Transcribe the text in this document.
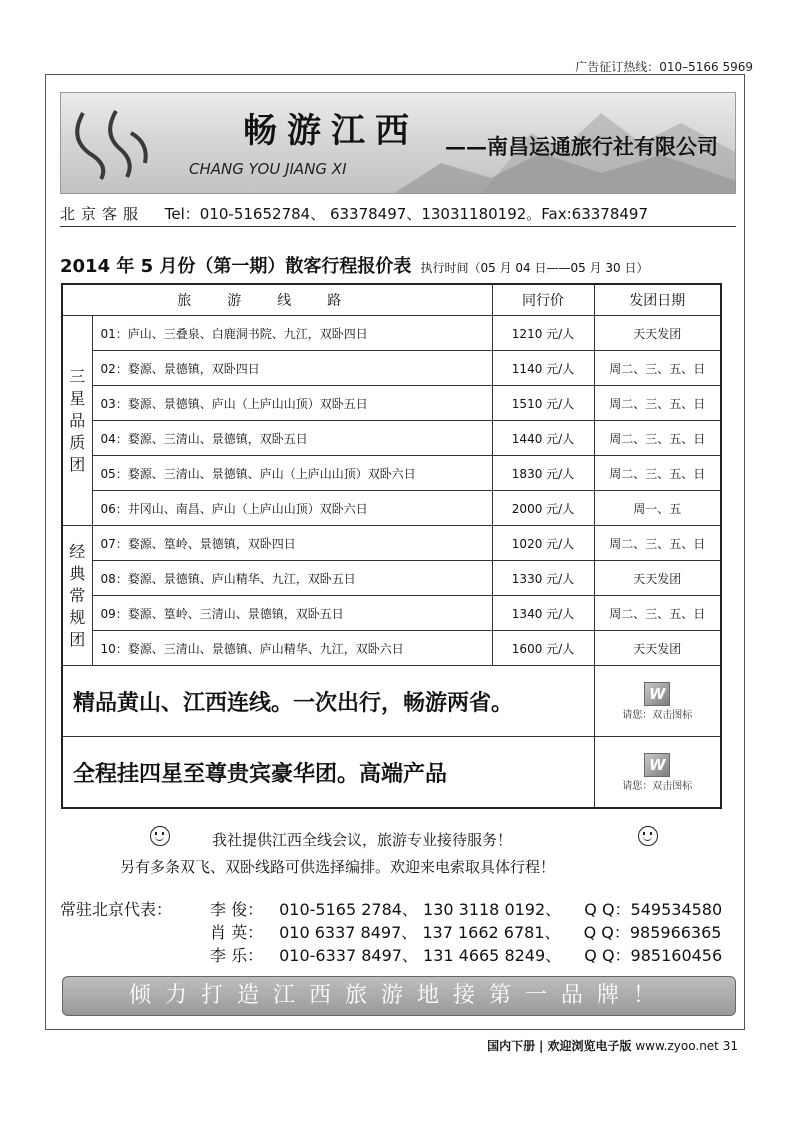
广告征订热线：010–5166 5969
畅游江西
CHANG YOU JIANG XI
——南昌运通旅行社有限公司
北京客服 Tel：010-51652784、 63378497、13031180192。Fax:63378497
2014 年 5 月份（第一期）散客行程报价表 执行时间（05 月 04 日——05 月 30 日）
旅游线路		同行价	发团日期

三星品质团	01：庐山、三叠泉、白鹿洞书院、九江，双卧四日	1210 元/人	天天发团
	02：婺源、景德镇，双卧四日	1140 元/人	周二、三、五、日
	03：婺源、景德镇、庐山（上庐山山顶）双卧五日	1510 元/人	周二、三、五、日
	04：婺源、三清山、景德镇，双卧五日	1440 元/人	周二、三、五、日
	05：婺源、三清山、景德镇、庐山（上庐山山顶）双卧六日	1830 元/人	周二、三、五、日
	06：井冈山、南昌、庐山（上庐山山顶）双卧六日	2000 元/人	周一、五

经典常规团	07：婺源、篁岭、景德镇，双卧四日	1020 元/人	周二、三、五、日
	08：婺源、景德镇、庐山精华、九江，双卧五日	1330 元/人	天天发团
	09：婺源、篁岭、三清山、景德镇，双卧五日	1340 元/人	周二、三、五、日
	10：婺源、三清山、景德镇、庐山精华、九江，双卧六日	1600 元/人	天天发团
精品黄山、江西连线。一次出行，畅游两省。			W
请您：双击图标

全程挂四星至尊贵宾豪华团。高端产品			W
请您：双击图标
我社提供江西全线会议，旅游专业接待服务！
另有多条双飞、双卧线路可供选择编排。欢迎来电索取具体行程！
常驻北京代表： 李 俊： 010-5165 2784、 130 3118 0192、 Q Q：549534580
肖 英： 010 6337 8497、 137 1662 6781、 Q Q：985966365
李 乐： 010-6337 8497、 131 4665 8249、 Q Q：985160456
倾力打造江西旅游地接第一品牌！
国内下册 | 欢迎浏览电子版 www.zyoo.net 31
